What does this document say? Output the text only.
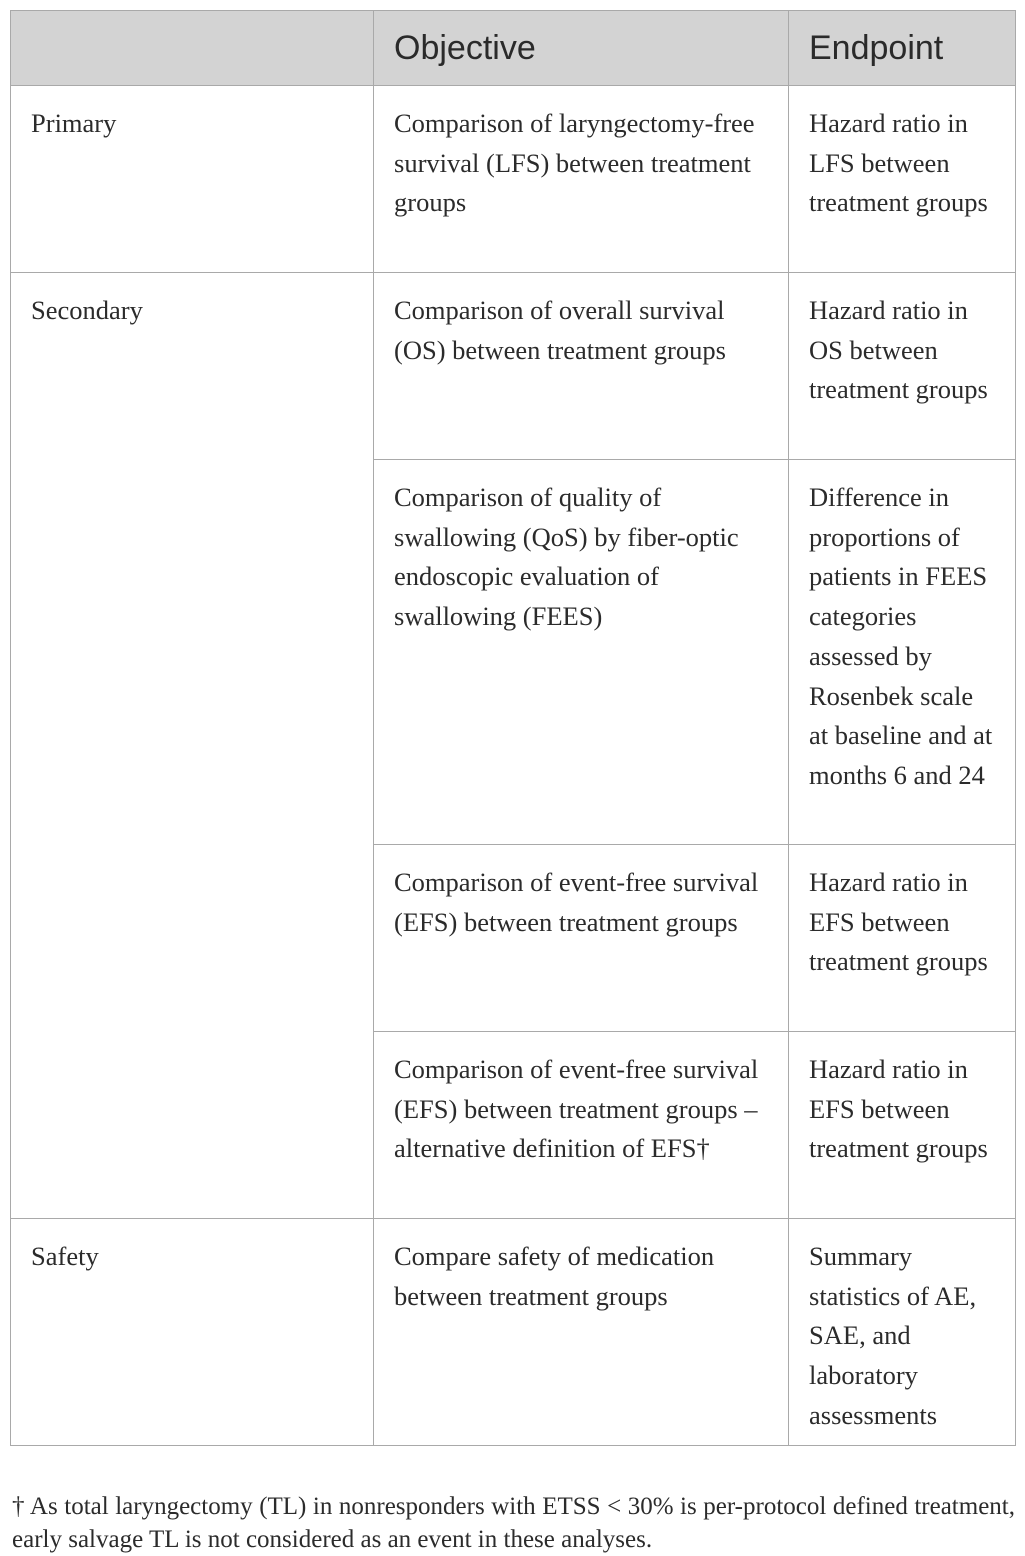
	Objective	Endpoint
Primary	Comparison of laryngectomy-free survival (LFS) between treatment groups	Hazard ratio in LFS between treatment groups
Secondary	Comparison of overall survival (OS) between treatment groups	Hazard ratio in OS between treatment groups
	Comparison of quality of swallowing (QoS) by fiber-optic endoscopic evaluation of swallowing (FEES)	Difference in proportions of patients in FEES categories assessed by Rosenbek scale at baseline and at months 6 and 24
	Comparison of event-free survival (EFS) between treatment groups	Hazard ratio in EFS between treatment groups
	Comparison of event-free survival (EFS) between treatment groups – alternative definition of EFS†	Hazard ratio in EFS between treatment groups
Safety	Compare safety of medication between treatment groups	Summary statistics of AE, SAE, and laboratory assessments

† As total laryngectomy (TL) in nonresponders with ETSS < 30% is per-protocol defined treatment, early salvage TL is not considered as an event in these analyses.
